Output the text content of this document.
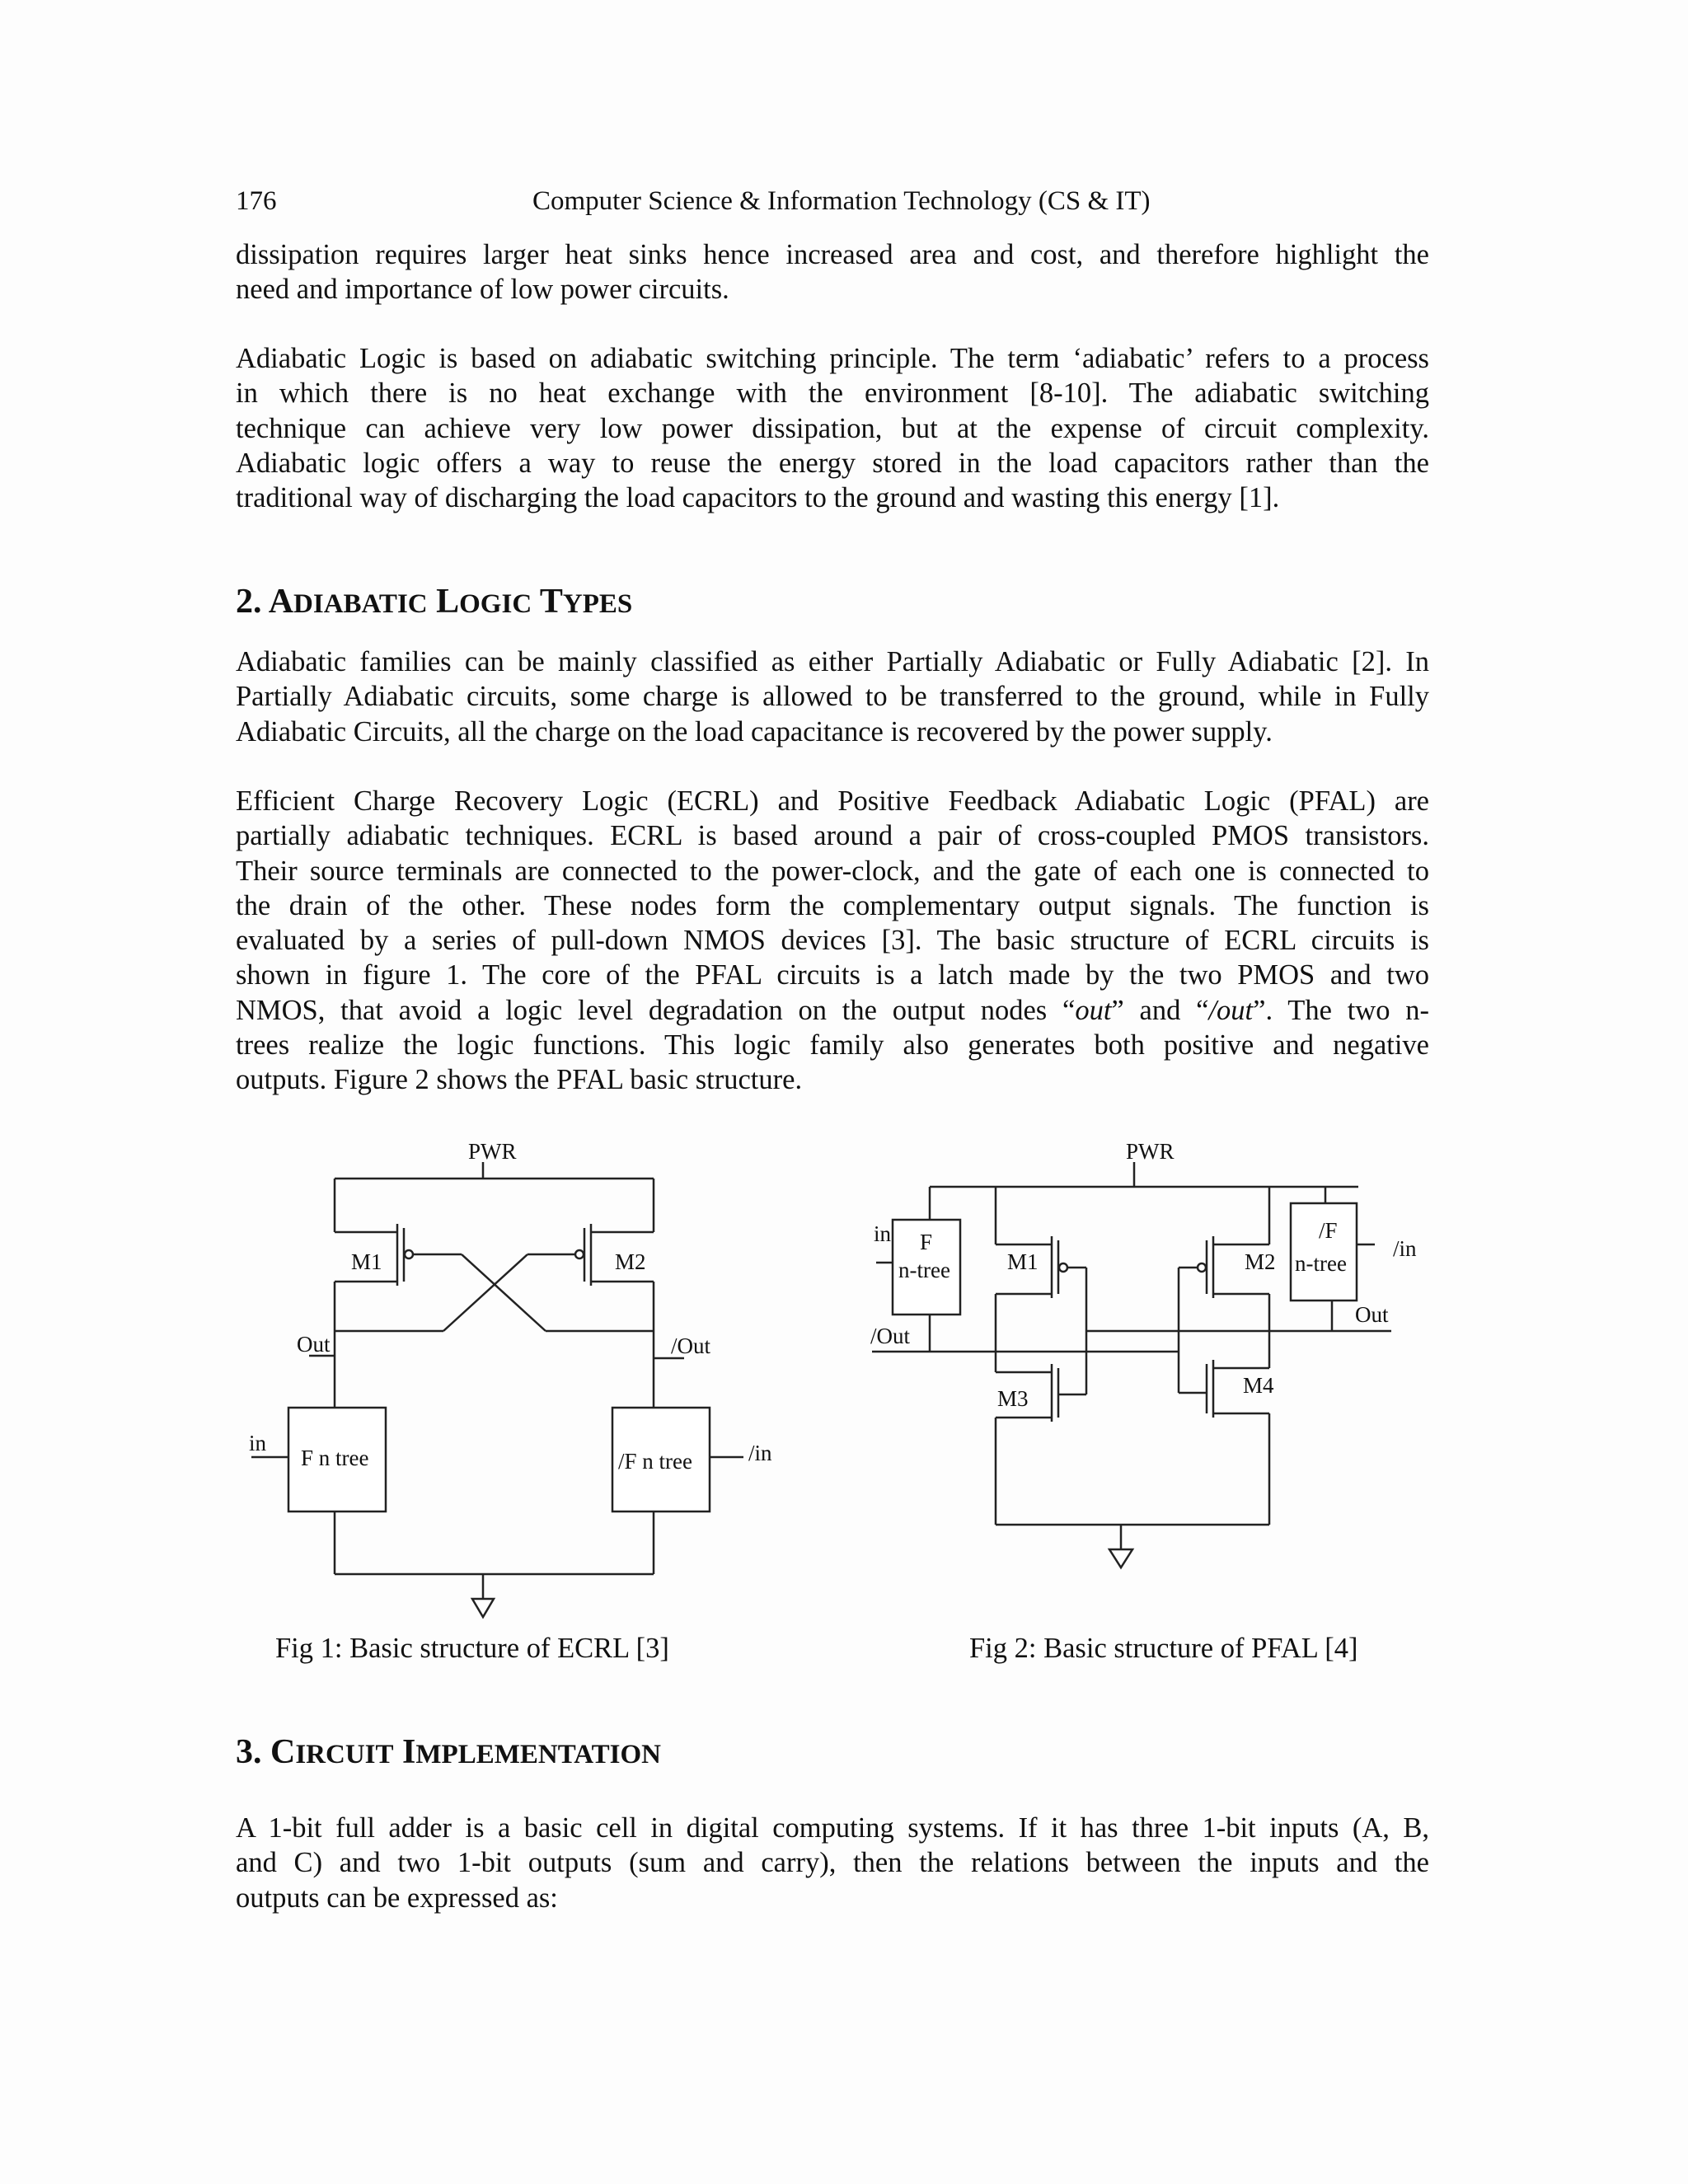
176	Computer Science & Information Technology (CS & IT)

dissipation requires larger heat sinks hence increased area and cost, and therefore highlight the
need and importance of low power circuits.

Adiabatic Logic is based on adiabatic switching principle. The term ‘adiabatic’ refers to a process
in which there is no heat exchange with the environment [8-10]. The adiabatic switching
technique can achieve very low power dissipation, but at the expense of circuit complexity.
Adiabatic logic offers a way to reuse the energy stored in the load capacitors rather than the
traditional way of discharging the load capacitors to the ground and wasting this energy [1].

2. ADIABATIC LOGIC TYPES

Adiabatic families can be mainly classified as either Partially Adiabatic or Fully Adiabatic [2]. In
Partially Adiabatic circuits, some charge is allowed to be transferred to the ground, while in Fully
Adiabatic Circuits, all the charge on the load capacitance is recovered by the power supply.

Efficient Charge Recovery Logic (ECRL) and Positive Feedback Adiabatic Logic (PFAL) are
partially adiabatic techniques. ECRL is based around a pair of cross-coupled PMOS transistors.
Their source terminals are connected to the power-clock, and the gate of each one is connected to
the drain of the other. These nodes form the complementary output signals. The function is
evaluated by a series of pull-down NMOS devices [3]. The basic structure of ECRL circuits is
shown in figure 1. The core of the PFAL circuits is a latch made by the two PMOS and two
NMOS, that avoid a logic level degradation on the output nodes “out” and “/out”. The two n-
trees realize the logic functions. This logic family also generates both positive and negative
outputs. Figure 2 shows the PFAL basic structure.

PWR
M1	M2
Out	/Out
in	/in
F n tree	/F n tree
Fig 1: Basic structure of ECRL [3]
PWR
in F
n-tree	M1	M2
/F
n-tree
/in
Out
/Out
M3
M4
Fig 2: Basic structure of PFAL [4]
3. CIRCUIT IMPLEMENTATION

A 1-bit full adder is a basic cell in digital computing systems. If it has three 1-bit inputs (A, B,
and C) and two 1-bit outputs (sum and carry), then the relations between the inputs and the
outputs can be expressed as:
